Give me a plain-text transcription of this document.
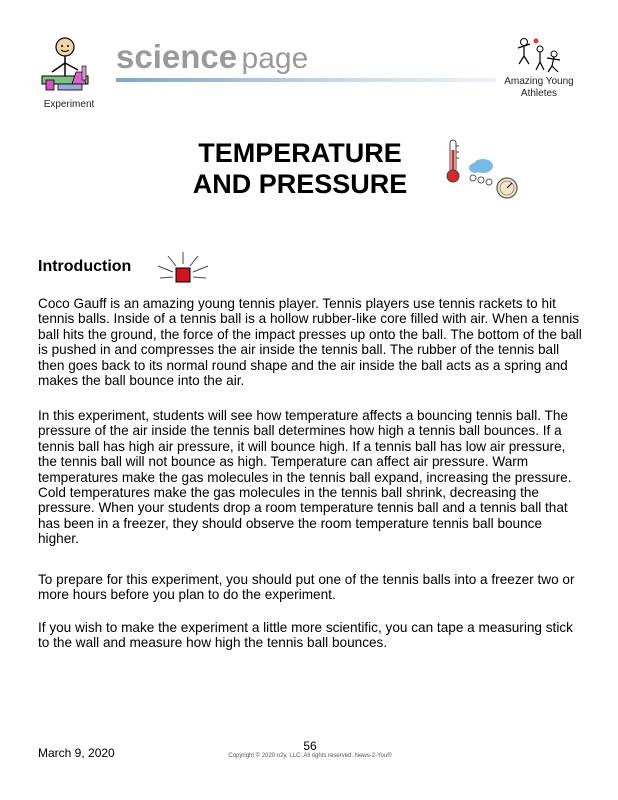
Experiment
science page
Amazing Young
Athletes
TEMPERATURE
AND PRESSURE
Introduction
Coco Gauff is an amazing young tennis player. Tennis players use tennis rackets to hit tennis balls. Inside of a tennis ball is a hollow rubber-like core filled with air. When a tennis ball hits the ground, the force of the impact presses up onto the ball. The bottom of the ball is pushed in and compresses the air inside the tennis ball. The rubber of the tennis ball then goes back to its normal round shape and the air inside the ball acts as a spring and makes the ball bounce into the air.
In this experiment, students will see how temperature affects a bouncing tennis ball. The pressure of the air inside the tennis ball determines how high a tennis ball bounces. If a tennis ball has high air pressure, it will bounce high. If a tennis ball has low air pressure, the tennis ball will not bounce as high. Temperature can affect air pressure. Warm temperatures make the gas molecules in the tennis ball expand, increasing the pressure. Cold temperatures make the gas molecules in the tennis ball shrink, decreasing the pressure. When your students drop a room temperature tennis ball and a tennis ball that has been in a freezer, they should observe the room temperature tennis ball bounce higher.
To prepare for this experiment, you should put one of the tennis balls into a freezer two or more hours before you plan to do the experiment.
If you wish to make the experiment a little more scientific, you can tape a measuring stick to the wall and measure how high the tennis ball bounces.
March 9, 2020	56
Copyright © 2020 n2y, LLC. All rights reserved. News-2-You®
